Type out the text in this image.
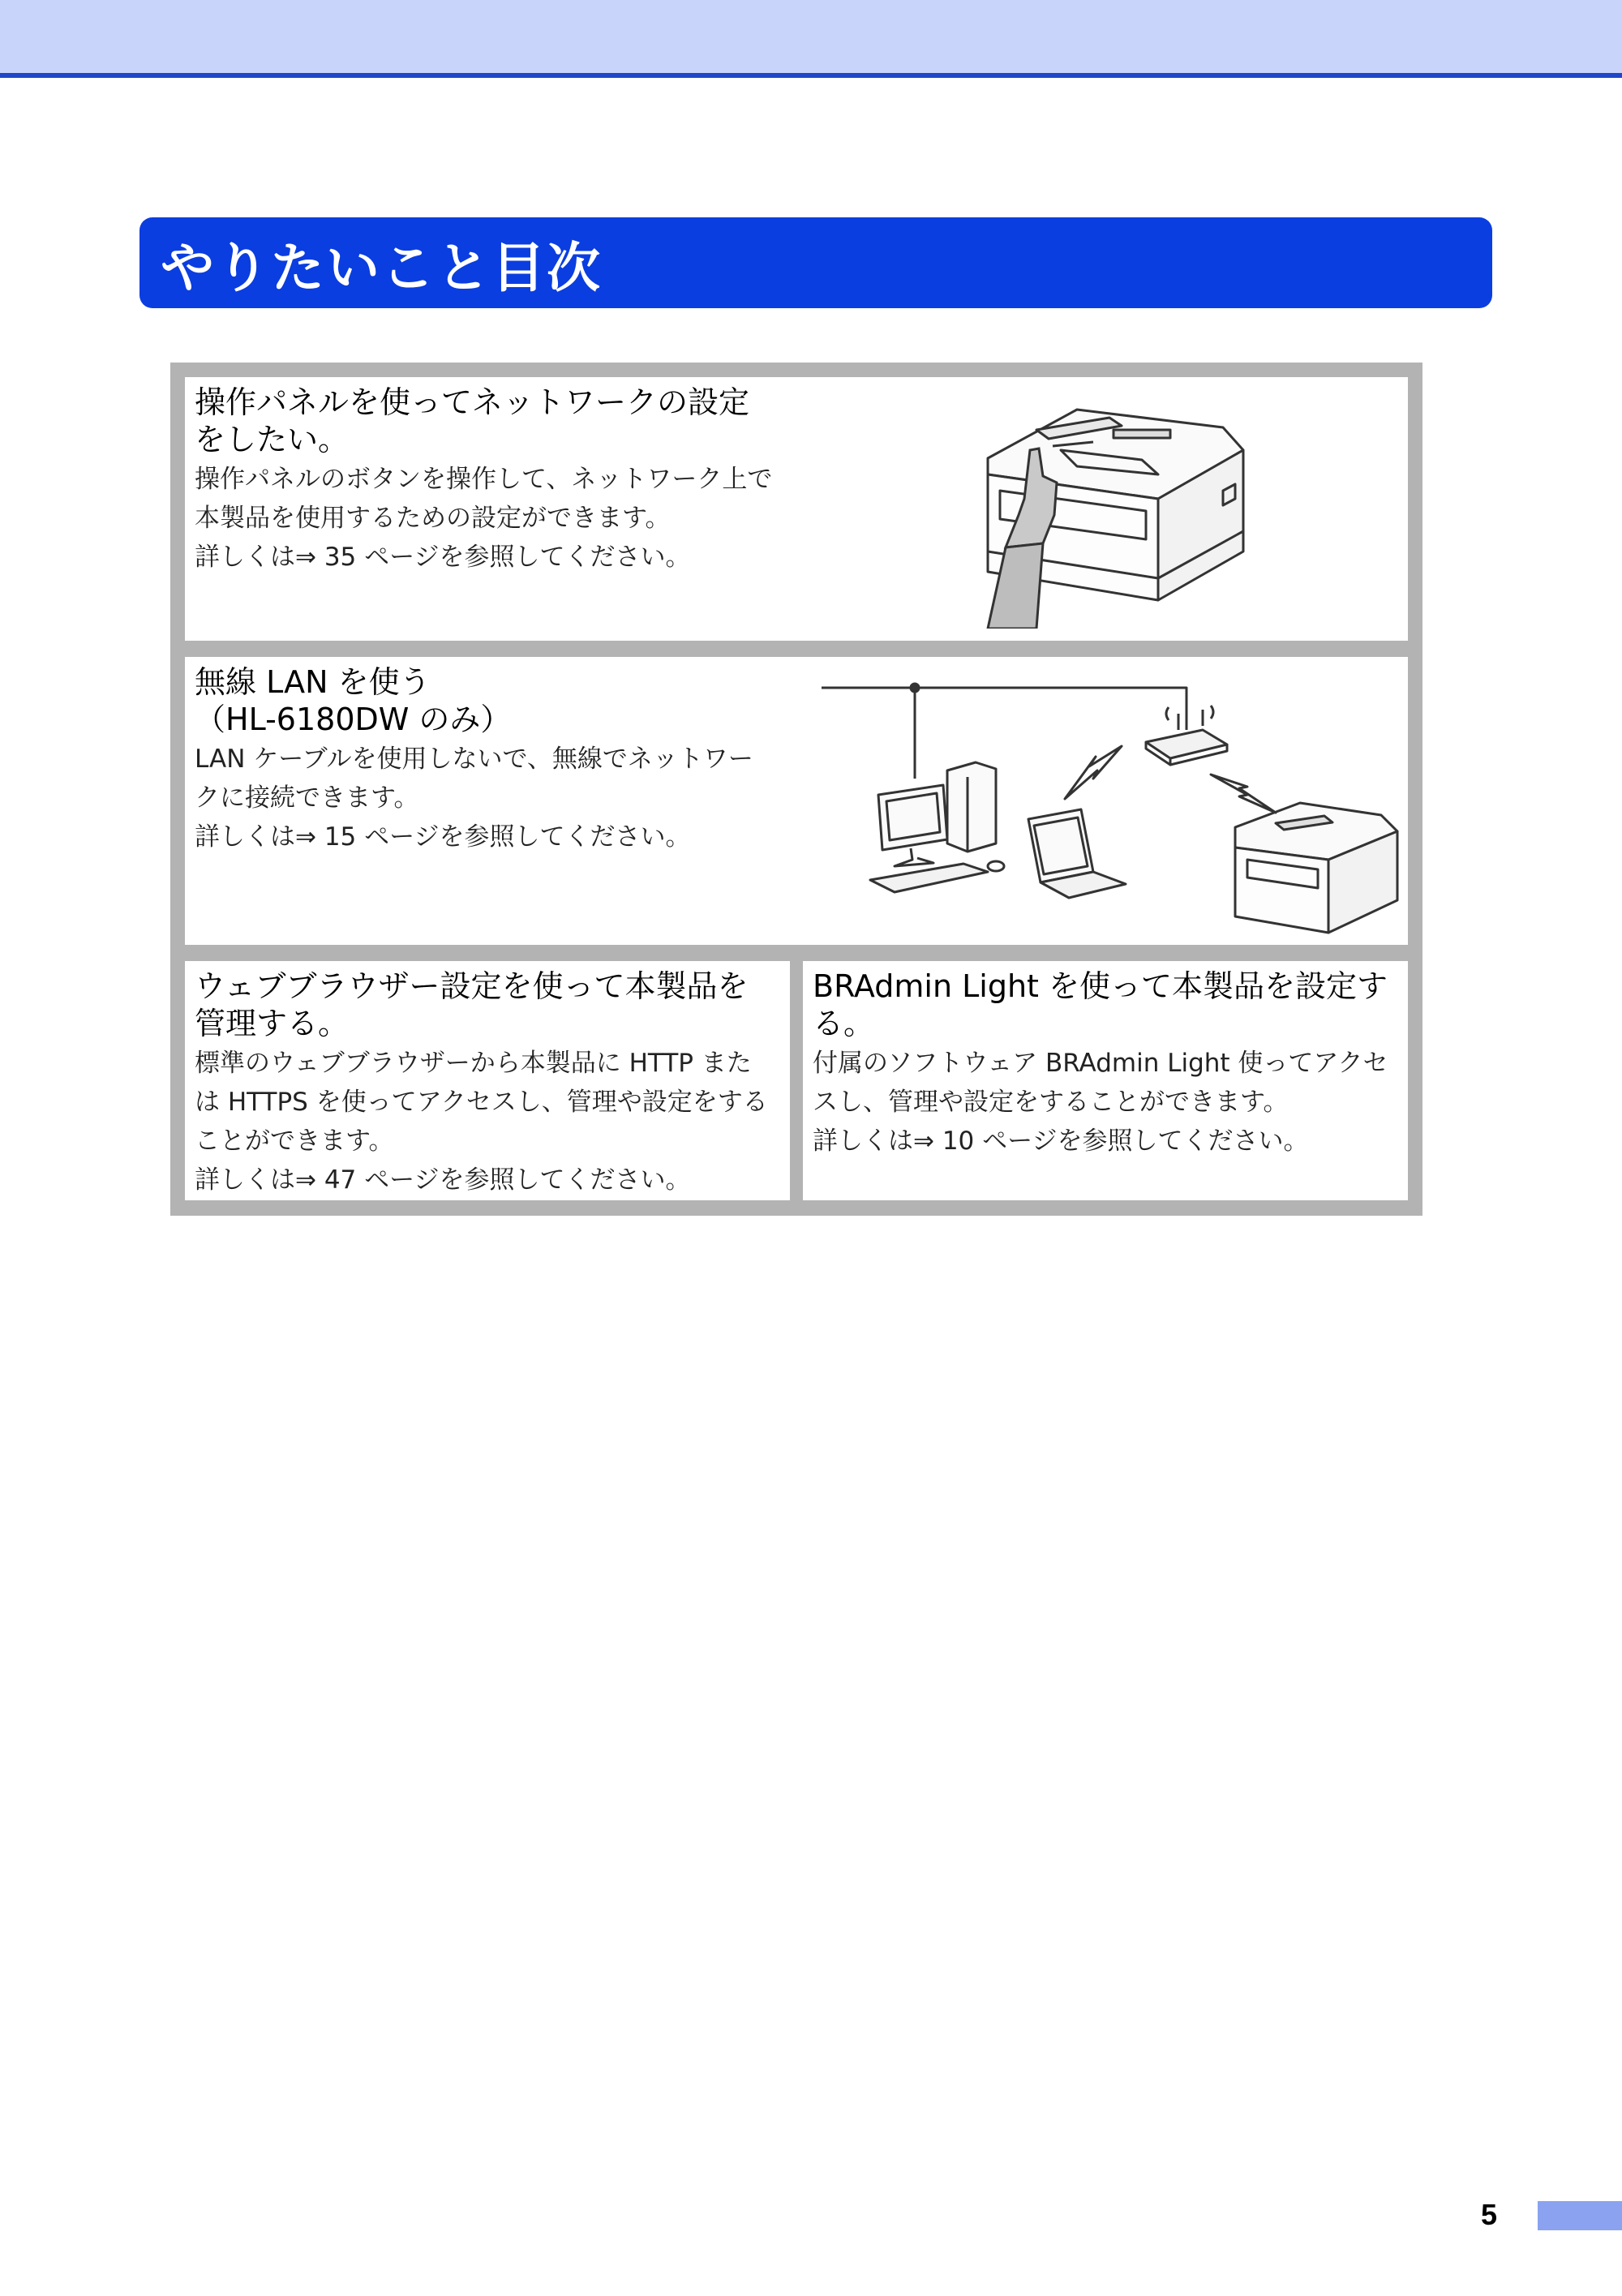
やりたいこと目次
操作パネルを使ってネットワークの設定
をしたい。
操作パネルのボタンを操作して、ネットワーク上で
本製品を使用するための設定ができます。
詳しくは⇒ 35 ページを参照してください。
無線 LAN を使う
（HL-6180DW のみ）
LAN ケーブルを使用しないで、無線でネットワー
クに接続できます。
詳しくは⇒ 15 ページを参照してください。
ウェブブラウザー設定を使って本製品を
管理する。
標準のウェブブラウザーから本製品に HTTP また
は HTTPS を使ってアクセスし、管理や設定をする
ことができます。
詳しくは⇒ 47 ページを参照してください。
BRAdmin Light を使って本製品を設定す
る。
付属のソフトウェア BRAdmin Light 使ってアクセ
スし、管理や設定をすることができます。
詳しくは⇒ 10 ページを参照してください。
5
